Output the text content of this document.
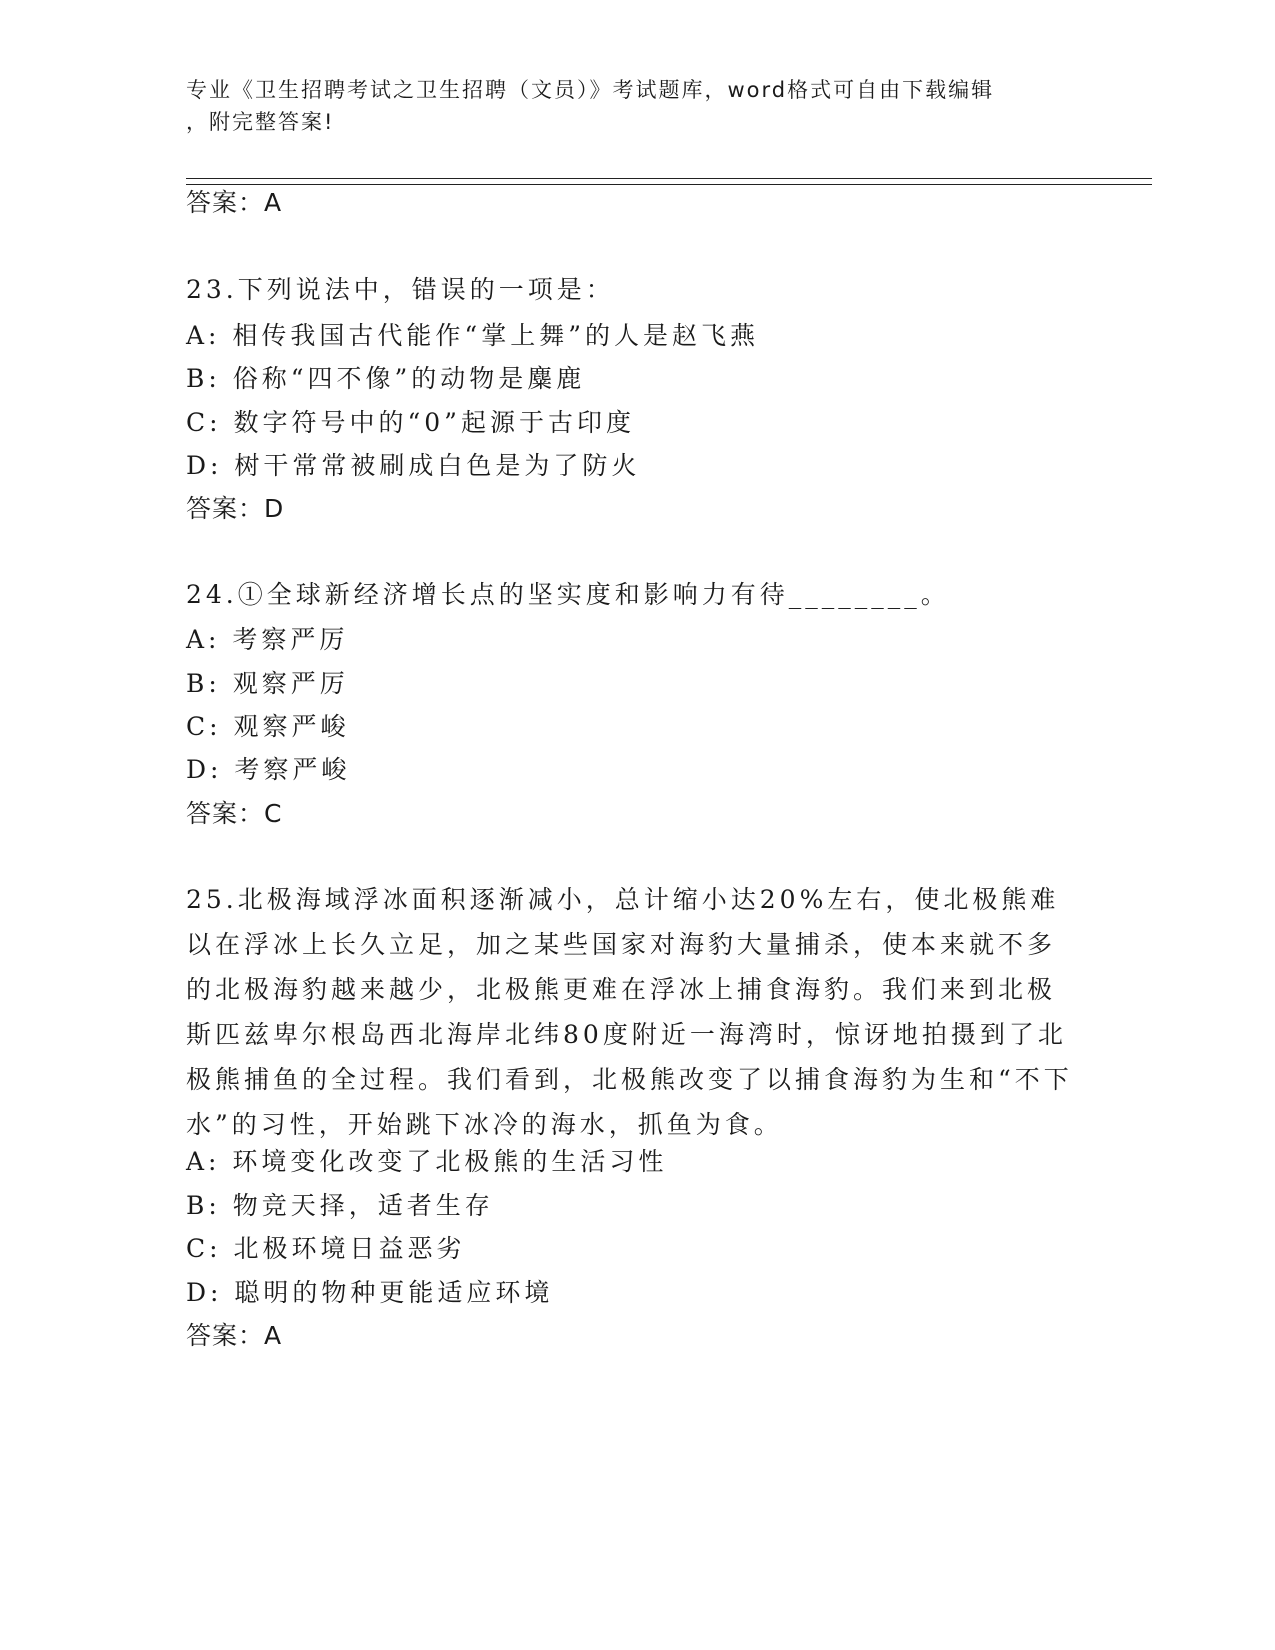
专业《卫生招聘考试之卫生招聘（文员）》考试题库，word格式可自由下载编辑
，附完整答案!
答案：A
23.下列说法中，错误的一项是：
A: 相传我国古代能作“掌上舞”的人是赵飞燕
B: 俗称“四不像”的动物是麋鹿
C: 数字符号中的“0”起源于古印度
D: 树干常常被刷成白色是为了防火
答案：D
24.①全球新经济增长点的坚实度和影响力有待________。
A: 考察严厉
B: 观察严厉
C: 观察严峻
D: 考察严峻
答案：C
25.北极海域浮冰面积逐渐减小，总计缩小达20%左右，使北极熊难以在浮冰上长久立足，加之某些国家对海豹大量捕杀，使本来就不多的北极海豹越来越少，北极熊更难在浮冰上捕食海豹。我们来到北极斯匹兹卑尔根岛西北海岸北纬80度附近一海湾时，惊讶地拍摄到了北极熊捕鱼的全过程。我们看到，北极熊改变了以捕食海豹为生和“不下水”的习性，开始跳下冰冷的海水，抓鱼为食。
A: 环境变化改变了北极熊的生活习性
B: 物竞天择，适者生存
C: 北极环境日益恶劣
D: 聪明的物种更能适应环境
答案：A
